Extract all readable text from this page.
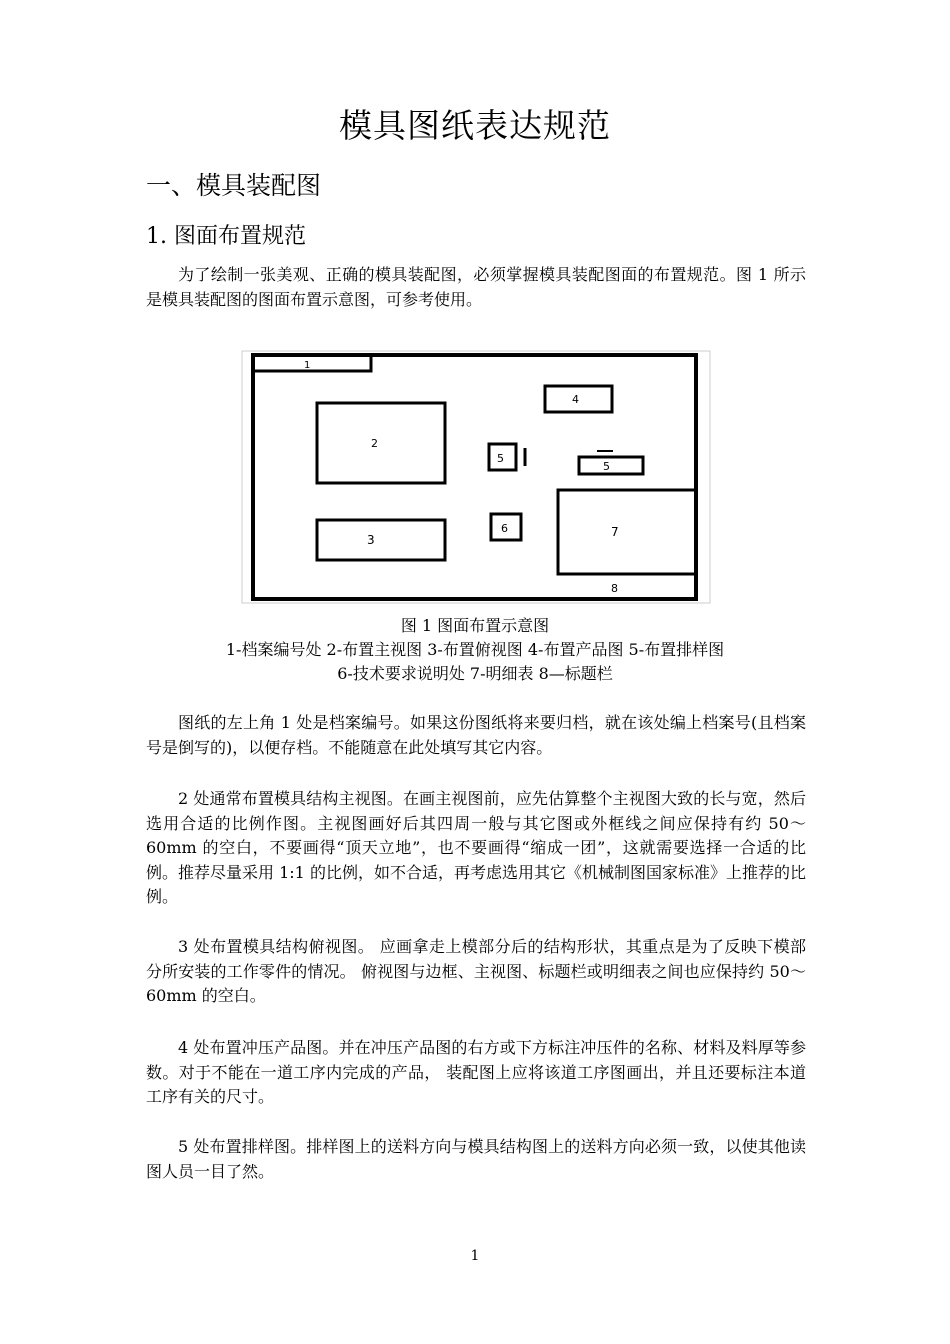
模具图纸表达规范
一、模具装配图
1. 图面布置规范

为了绘制一张美观、正确的模具装配图，必须掌握模具装配图面的布置规范。图 1 所示是模具装配图的图面布置示意图，可参考使用。

1
2
3
4
5
5
6	7
8
图 1 图面布置示意图
1-档案编号处 2-布置主视图 3-布置俯视图 4-布置产品图 5-布置排样图
6-技术要求说明处 7-明细表 8—标题栏

图纸的左上角 1 处是档案编号。如果这份图纸将来要归档，就在该处编上档案号(且档案号是倒写的)，以便存档。不能随意在此处填写其它内容。

2 处通常布置模具结构主视图。在画主视图前，应先估算整个主视图大致的长与宽，然后选用合适的比例作图。主视图画好后其四周一般与其它图或外框线之间应保持有约 50～60mm 的空白，不要画得“顶天立地”，也不要画得“缩成一团”，这就需要选择一合适的比例。推荐尽量采用 1:1 的比例，如不合适，再考虑选用其它《机械制图国家标准》上推荐的比例。

3 处布置模具结构俯视图。 应画拿走上模部分后的结构形状，其重点是为了反映下模部分所安装的工作零件的情况。 俯视图与边框、主视图、标题栏或明细表之间也应保持约 50～60mm 的空白。

4 处布置冲压产品图。并在冲压产品图的右方或下方标注冲压件的名称、材料及料厚等参数。对于不能在一道工序内完成的产品， 装配图上应将该道工序图画出，并且还要标注本道工序有关的尺寸。

5 处布置排样图。排样图上的送料方向与模具结构图上的送料方向必须一致，以使其他读图人员一目了然。

1
